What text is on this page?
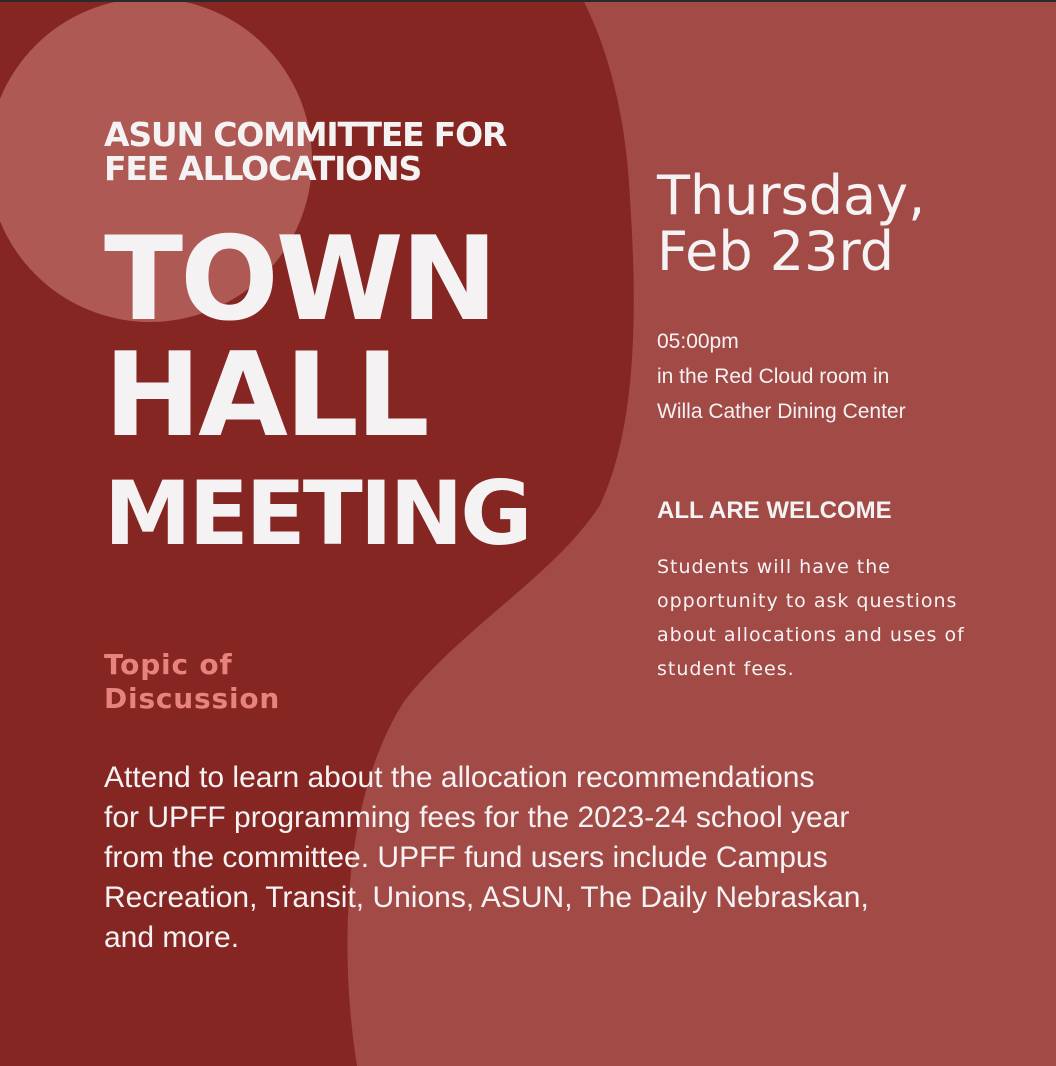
ASUN COMMITTEE FOR
FEE ALLOCATIONS
TOWN
HALL
MEETING
Topic of
Discussion
Thursday,
Feb 23rd
05:00pm
in the Red Cloud room in
Willa Cather Dining Center
ALL ARE WELCOME
Students will have the
opportunity to ask questions
about allocations and uses of
student fees.
Attend to learn about the allocation recommendations
for UPFF programming fees for the 2023-24 school year
from the committee. UPFF fund users include Campus
Recreation, Transit, Unions, ASUN, The Daily Nebraskan,
and more.
